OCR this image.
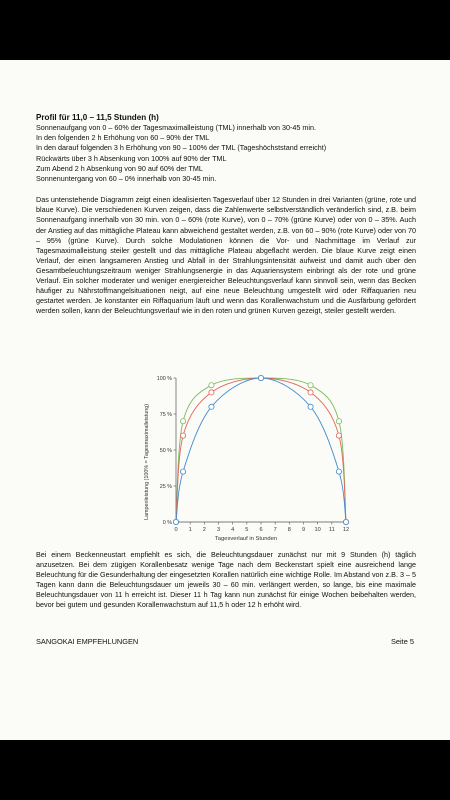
Profil für 11,0 – 11,5 Stunden (h)

Sonnenaufgang von 0 – 60% der Tagesmaximalleistung (TML) innerhalb von 30-45 min.

In den folgenden 2 h Erhöhung von 60 – 90% der TML

In den darauf folgenden 3 h Erhöhung von 90 – 100% der TML (Tageshöchststand erreicht)

Rückwärts über 3 h Absenkung von 100% auf 90% der TML

Zum Abend 2 h Absenkung von 90 auf 60% der TML

Sonnenuntergang von 60 – 0% innerhalb von 30-45 min.

Das untenstehende Diagramm zeigt einen idealisierten Tagesverlauf über 12 Stunden in drei Varianten (grüne, rote und blaue Kurve). Die verschiedenen Kurven zeigen, dass die Zahlenwerte selbstverständlich veränderlich sind, z.B. beim Sonnenaufgang innerhalb von 30 min. von 0 – 60% (rote Kurve), von 0 – 70% (grüne Kurve) oder von 0 – 35%. Auch der Anstieg auf das mittägliche Plateau kann abweichend gestaltet werden, z.B. von 60 – 90% (rote Kurve) oder von 70 – 95% (grüne Kurve). Durch solche Modulationen können die Vor- und Nachmittage im Verlauf zur Tagesmaximalleistung steiler gestellt und das mittägliche Plateau abgeflacht werden. Die blaue Kurve zeigt einen Verlauf, der einen langsameren Anstieg und Abfall in der Strahlungsintensität aufweist und damit auch über den Gesamtbeleuchtungszeitraum weniger Strahlungsenergie in das Aquariensystem einbringt als der rote und grüne Verlauf. Ein solcher moderater und weniger energiereicher Beleuchtungsverlauf kann sinnvoll sein, wenn das Becken häufiger zu Nährstoffmangelsituationen neigt, auf eine neue Beleuchtung umgestellt wird oder Riffaquarien neu gestartet werden. Je konstanter ein Riffaquarium läuft und wenn das Korallenwachstum und die Ausfärbung gefördert werden sollen, kann der Beleuchtungsverlauf wie in den roten und grünen Kurven gezeigt, steiler gestellt werden.

Lampenleistung (100% = Tagesmaximalleistung)
Tagesverlauf in Stunden
0 1 2 3 4 5 6 7 8 9 10 11 12
0 %
25 %
50 %
75 %
100 %

Bei einem Beckenneustart empfiehlt es sich, die Beleuchtungsdauer zunächst nur mit 9 Stunden (h) täglich anzusetzen. Bei dem zügigen Korallenbesatz wenige Tage nach dem Beckenstart spielt eine ausreichend lange Beleuchtung für die Gesunderhaltung der eingesetzten Korallen natürlich eine wichtige Rolle. Im Abstand von z.B. 3 – 5 Tagen kann dann die Beleuchtungsdauer um jeweils 30 – 60 min. verlängert werden, so lange, bis eine maximale Beleuchtungsdauer von 11 h erreicht ist. Dieser 11 h Tag kann nun zunächst für einige Wochen beibehalten werden, bevor bei gutem und gesunden Korallenwachstum auf 11,5 h oder 12 h erhöht wird.

SANGOKAI EMPFEHLUNGEN	Seite 5
